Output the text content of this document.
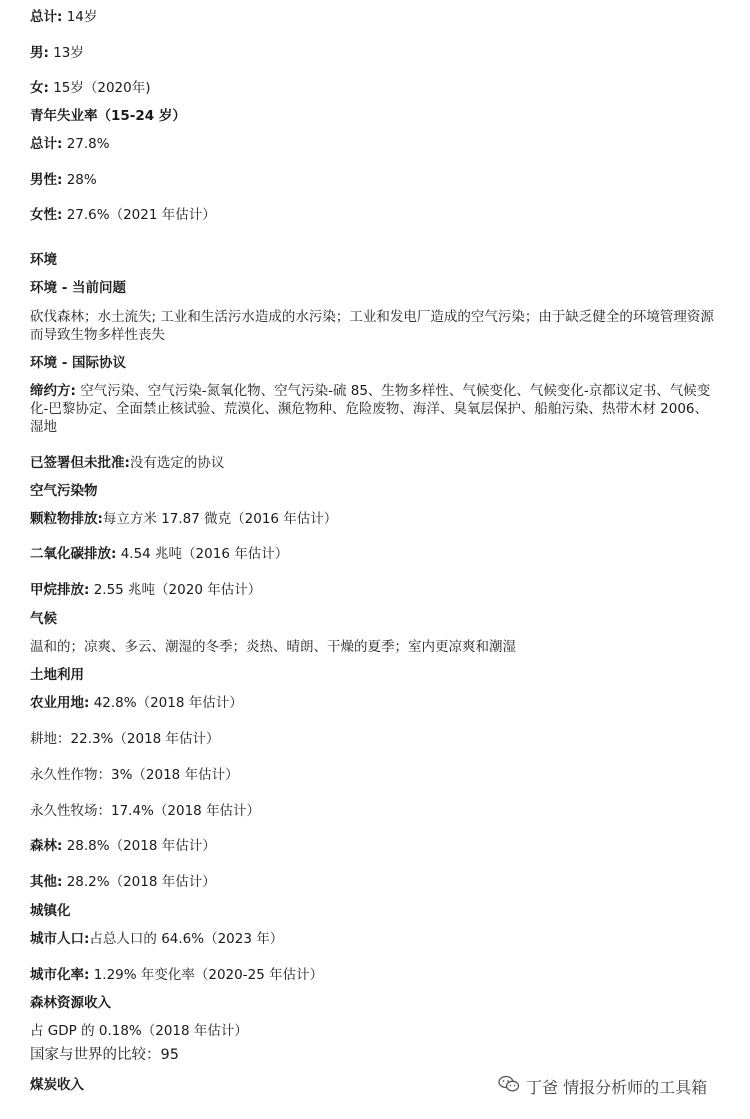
总计: 14岁
男: 13岁
女: 15岁（2020年)
青年失业率（15-24 岁）
总计: 27.8%
男性: 28%
女性: 27.6%（2021 年估计）
环境
环境 - 当前问题
砍伐森林；水土流失; 工业和生活污水造成的水污染；工业和发电厂造成的空气污染；由于缺乏健全的环境管理资源而导致生物多样性丧失
环境 - 国际协议
缔约方: 空气污染、空气污染-氮氧化物、空气污染-硫 85、生物多样性、气候变化、气候变化-京都议定书、气候变化-巴黎协定、全面禁止核试验、荒漠化、濒危物种、危险废物、海洋、臭氧层保护、船舶污染、热带木材 2006、湿地
已签署但未批准:没有选定的协议
空气污染物
颗粒物排放:每立方米 17.87 微克（2016 年估计）
二氧化碳排放: 4.54 兆吨（2016 年估计）
甲烷排放: 2.55 兆吨（2020 年估计）
气候
温和的；凉爽、多云、潮湿的冬季；炎热、晴朗、干燥的夏季；室内更凉爽和潮湿
土地利用
农业用地: 42.8%（2018 年估计）
耕地：22.3%（2018 年估计）
永久性作物：3%（2018 年估计）
永久性牧场：17.4%（2018 年估计）
森林: 28.8%（2018 年估计）
其他: 28.2%（2018 年估计）
城镇化
城市人口:占总人口的 64.6%（2023 年）
城市化率: 1.29% 年变化率（2020-25 年估计）
森林资源收入
占 GDP 的 0.18%（2018 年估计）
国家与世界的比较：95
煤炭收入	丁爸 情报分析师的工具箱
